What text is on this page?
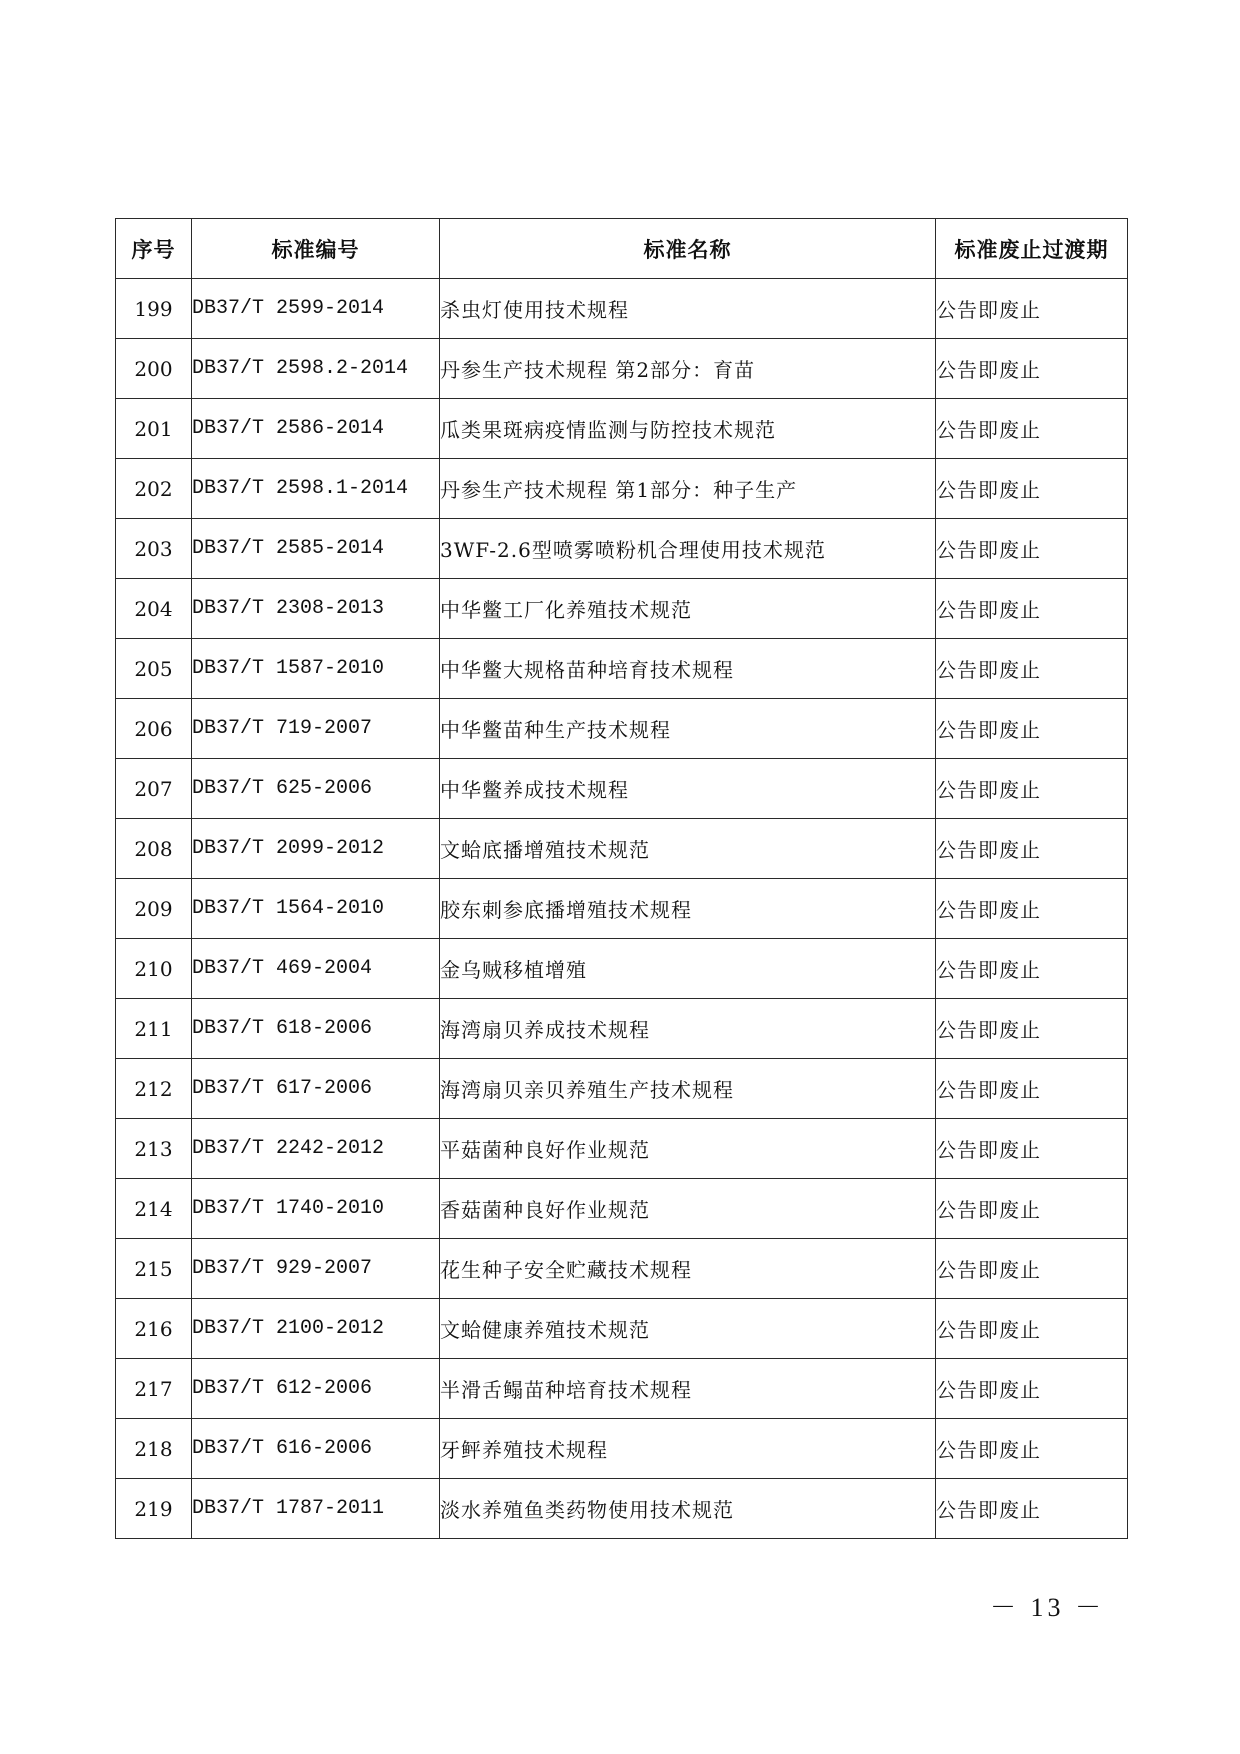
序号	标准编号	标准名称	标准废止过渡期
199	DB37/T 2599-2014	杀虫灯使用技术规程	公告即废止
200	DB37/T 2598.2-2014	丹参生产技术规程 第2部分：育苗	公告即废止
201	DB37/T 2586-2014	瓜类果斑病疫情监测与防控技术规范	公告即废止
202	DB37/T 2598.1-2014	丹参生产技术规程 第1部分：种子生产	公告即废止
203	DB37/T 2585-2014	3WF-2.6型喷雾喷粉机合理使用技术规范	公告即废止
204	DB37/T 2308-2013	中华鳖工厂化养殖技术规范	公告即废止
205	DB37/T 1587-2010	中华鳖大规格苗种培育技术规程	公告即废止
206	DB37/T 719-2007	中华鳖苗种生产技术规程	公告即废止
207	DB37/T 625-2006	中华鳖养成技术规程	公告即废止
208	DB37/T 2099-2012	文蛤底播增殖技术规范	公告即废止
209	DB37/T 1564-2010	胶东刺参底播增殖技术规程	公告即废止
210	DB37/T 469-2004	金乌贼移植增殖	公告即废止
211	DB37/T 618-2006	海湾扇贝养成技术规程	公告即废止
212	DB37/T 617-2006	海湾扇贝亲贝养殖生产技术规程	公告即废止
213	DB37/T 2242-2012	平菇菌种良好作业规范	公告即废止
214	DB37/T 1740-2010	香菇菌种良好作业规范	公告即废止
215	DB37/T 929-2007	花生种子安全贮藏技术规程	公告即废止
216	DB37/T 2100-2012	文蛤健康养殖技术规范	公告即废止
217	DB37/T 612-2006	半滑舌鳎苗种培育技术规程	公告即废止
218	DB37/T 616-2006	牙鲆养殖技术规程	公告即废止
219	DB37/T 1787-2011	淡水养殖鱼类药物使用技术规范	公告即废止
－ 13 －
